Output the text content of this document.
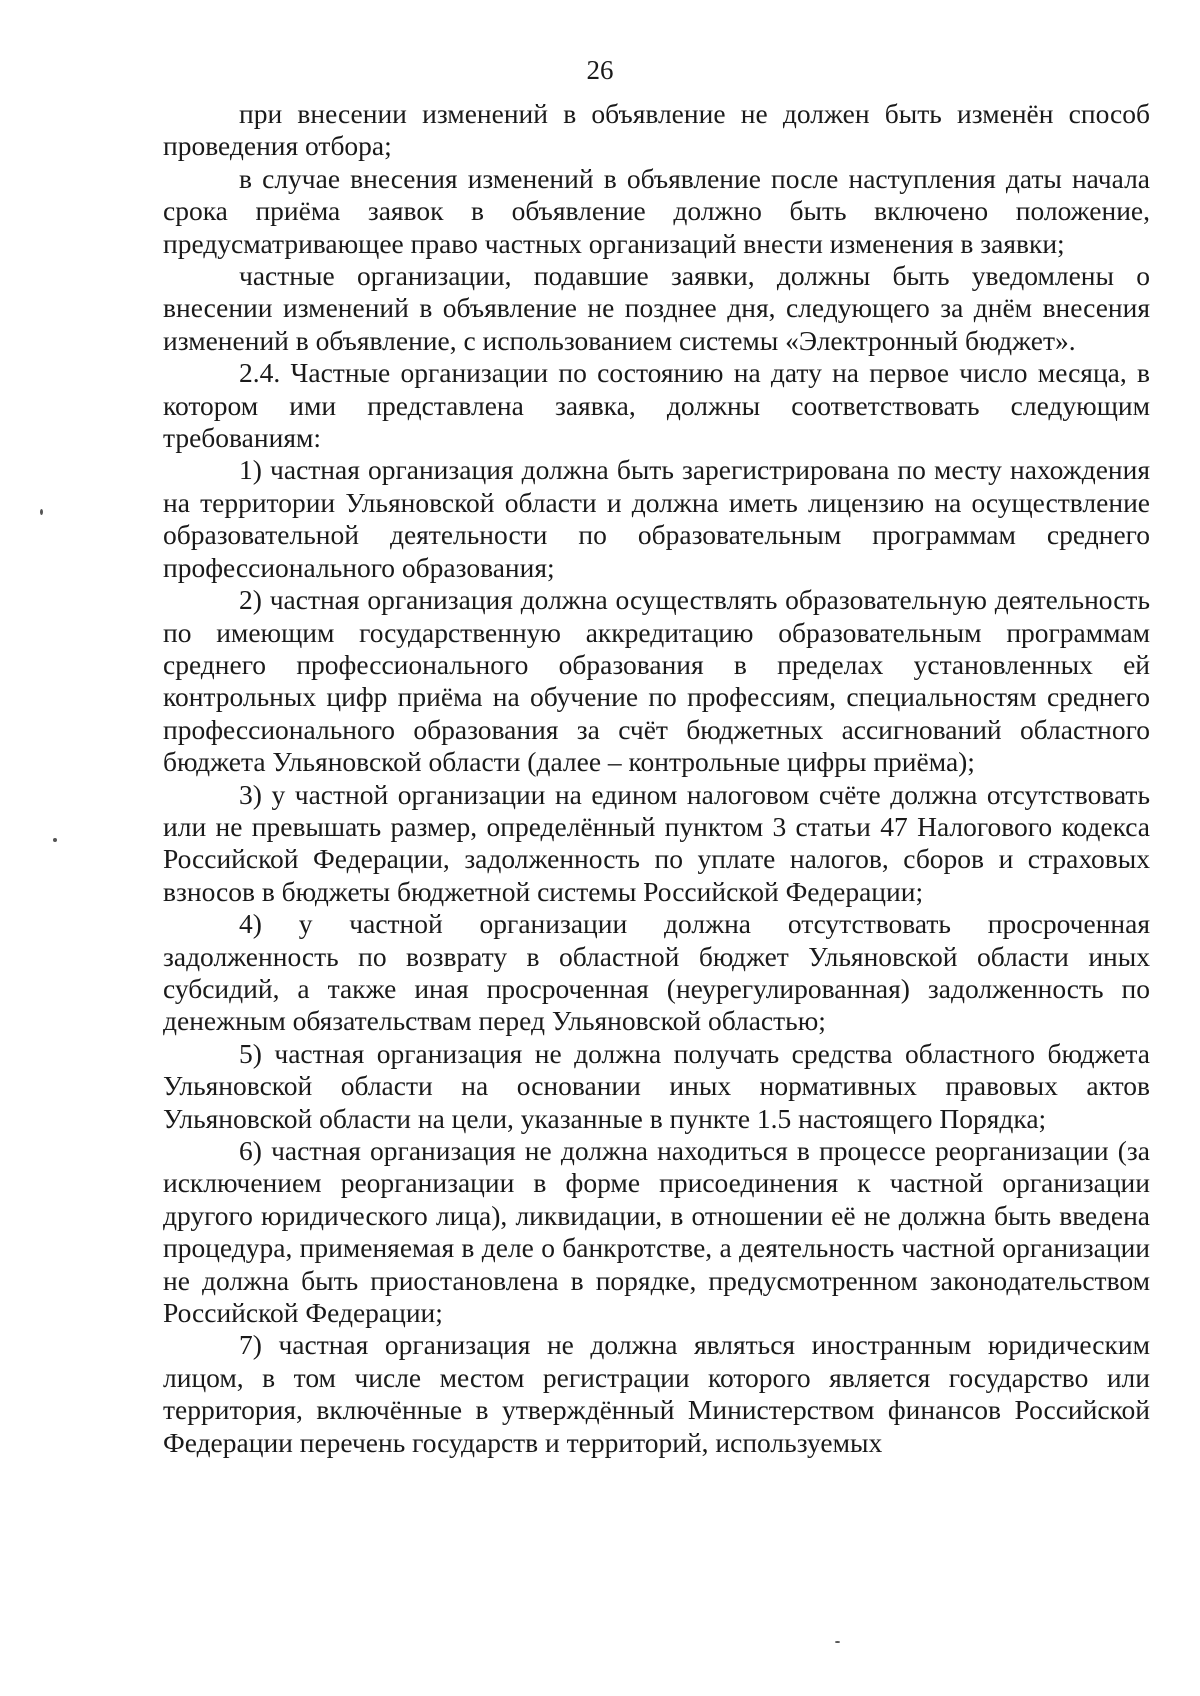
26

при внесении изменений в объявление не должен быть изменён способ проведения отбора;

в случае внесения изменений в объявление после наступления даты начала срока приёма заявок в объявление должно быть включено положение, предусматривающее право частных организаций внести изменения в заявки;

частные организации, подавшие заявки, должны быть уведомлены о внесении изменений в объявление не позднее дня, следующего за днём внесения изменений в объявление, с использованием системы «Электронный бюджет».

2.4. Частные организации по состоянию на дату на первое число месяца, в котором ими представлена заявка, должны соответствовать следующим требованиям:

1) частная организация должна быть зарегистрирована по месту нахождения на территории Ульяновской области и должна иметь лицензию на осуществление образовательной деятельности по образовательным программам среднего профессионального образования;

2) частная организация должна осуществлять образовательную деятельность по имеющим государственную аккредитацию образовательным программам среднего профессионального образования в пределах установленных ей контрольных цифр приёма на обучение по профессиям, специальностям среднего профессионального образования за счёт бюджетных ассигнований областного бюджета Ульяновской области (далее – контрольные цифры приёма);

3) у частной организации на едином налоговом счёте должна отсутствовать или не превышать размер, определённый пунктом 3 статьи 47 Налогового кодекса Российской Федерации, задолженность по уплате налогов, сборов и страховых взносов в бюджеты бюджетной системы Российской Федерации;

4) у частной организации должна отсутствовать просроченная задолженность по возврату в областной бюджет Ульяновской области иных субсидий, а также иная просроченная (неурегулированная) задолженность по денежным обязательствам перед Ульяновской областью;

5) частная организация не должна получать средства областного бюджета Ульяновской области на основании иных нормативных правовых актов Ульяновской области на цели, указанные в пункте 1.5 настоящего Порядка;

6) частная организация не должна находиться в процессе реорганизации (за исключением реорганизации в форме присоединения к частной организации другого юридического лица), ликвидации, в отношении её не должна быть введена процедура, применяемая в деле о банкротстве, а деятельность частной организации не должна быть приостановлена в порядке, предусмотренном законодательством Российской Федерации;

7) частная организация не должна являться иностранным юридическим лицом, в том числе местом регистрации которого является государство или территория, включённые в утверждённый Министерством финансов Российской Федерации перечень государств и территорий, используемых
